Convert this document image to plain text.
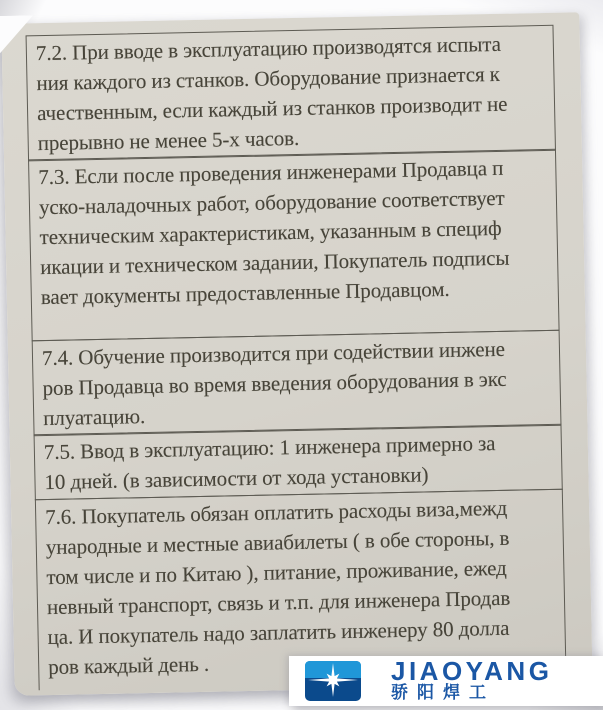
7.2. При вводе в эксплуатацию производятся испыта
ния каждого из станков. Оборудование признается к
ачественным, если каждый из станков производит не
прерывно не менее 5-х часов.
7.3. Если после проведения инженерами Продавца п
уско-наладочных работ, оборудование соответствует
техническим характеристикам, указанным в специф
икации и техническом задании, Покупатель подписы
вает документы предоставленные Продавцом.
7.4. Обучение производится при содействии инжене
ров Продавца во время введения оборудования в экс
плуатацию.
7.5. Ввод в эксплуатацию: 1 инженера примерно за
10 дней. (в зависимости от хода установки)
7.6. Покупатель обязан оплатить расходы виза,межд
ународные и местные авиабилеты ( в обе стороны, в
том числе и по Китаю ), питание, проживание, ежед
невный транспорт, связь и т.п. для инженера Продав
ца. И покупатель надо заплатить инженеру 80 долла
ров каждый день .	JIAOYANG
骄阳焊工
